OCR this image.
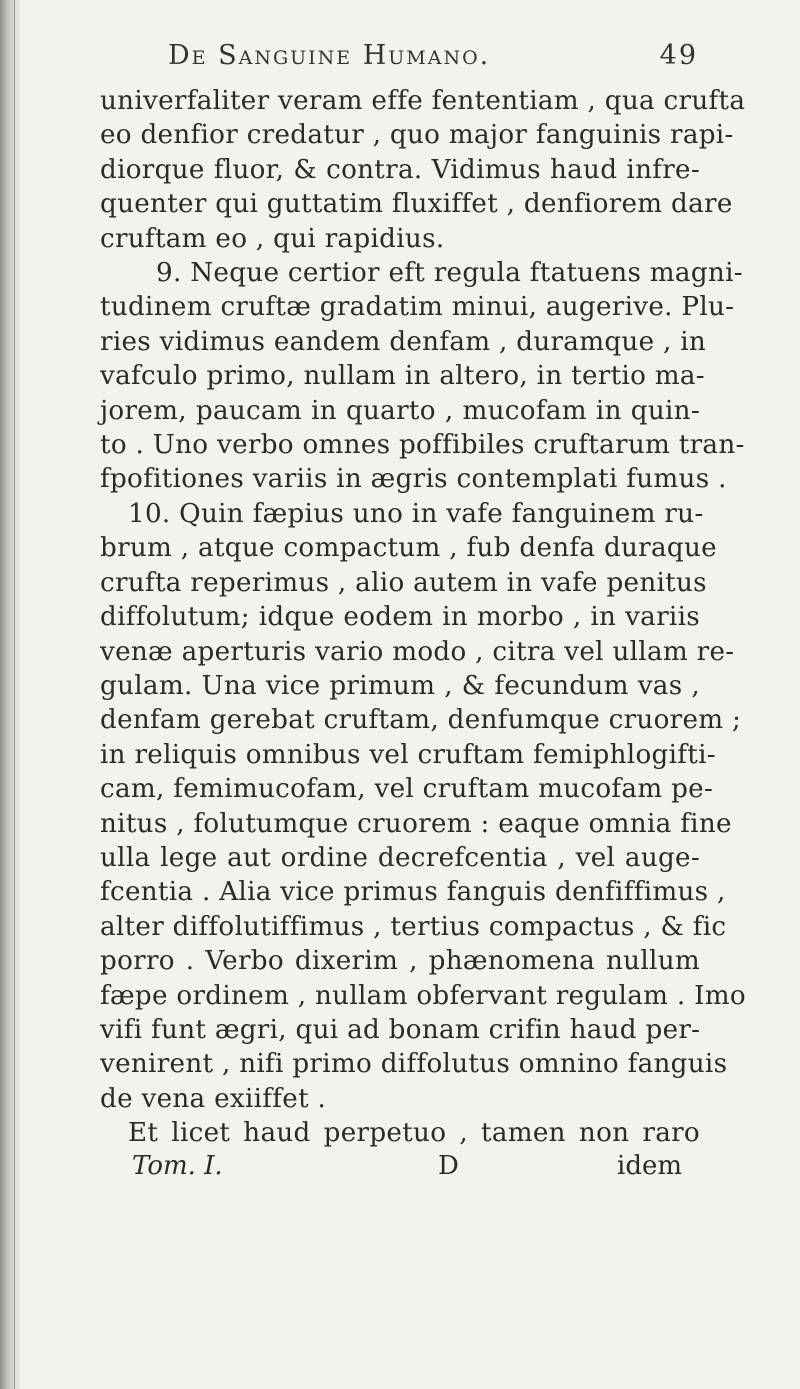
De Sanguine Humano.	49
univerfaliter veram effe fententiam , qua crufta
eo denfior credatur , quo major fanguinis rapi-
diorque fluor, & contra. Vidimus haud infre-
quenter qui guttatim fluxiffet , denfiorem dare
cruftam eo , qui rapidius.
9. Neque certior eft regula ftatuens magni-
tudinem cruftæ gradatim minui, augerive. Plu-
ries vidimus eandem denfam , duramque , in
vafculo primo, nullam in altero, in tertio ma-
jorem, paucam in quarto , mucofam in quin-
to . Uno verbo omnes poffibiles cruftarum tran-
fpofitiones variis in ægris contemplati fumus .
10. Quin fæpius uno in vafe fanguinem ru-
brum , atque compactum , fub denfa duraque
crufta reperimus , alio autem in vafe penitus
diffolutum; idque eodem in morbo , in variis
venæ aperturis vario modo , citra vel ullam re-
gulam. Una vice primum , & fecundum vas ,
denfam gerebat cruftam, denfumque cruorem ;
in reliquis omnibus vel cruftam femiphlogifti-
cam, femimucofam, vel cruftam mucofam pe-
nitus , folutumque cruorem : eaque omnia fine
ulla lege aut ordine decrefcentia , vel auge-
fcentia . Alia vice primus fanguis denfiffimus ,
alter diffolutiffimus , tertius compactus , & fic
porro . Verbo dixerim , phænomena nullum
fæpe ordinem , nullam obfervant regulam . Imo
vifi funt ægri, qui ad bonam crifin haud per-
venirent , nifi primo diffolutus omnino fanguis
de vena exiiffet .
Et licet haud perpetuo , tamen non raro
Tom. I.	D	idem
